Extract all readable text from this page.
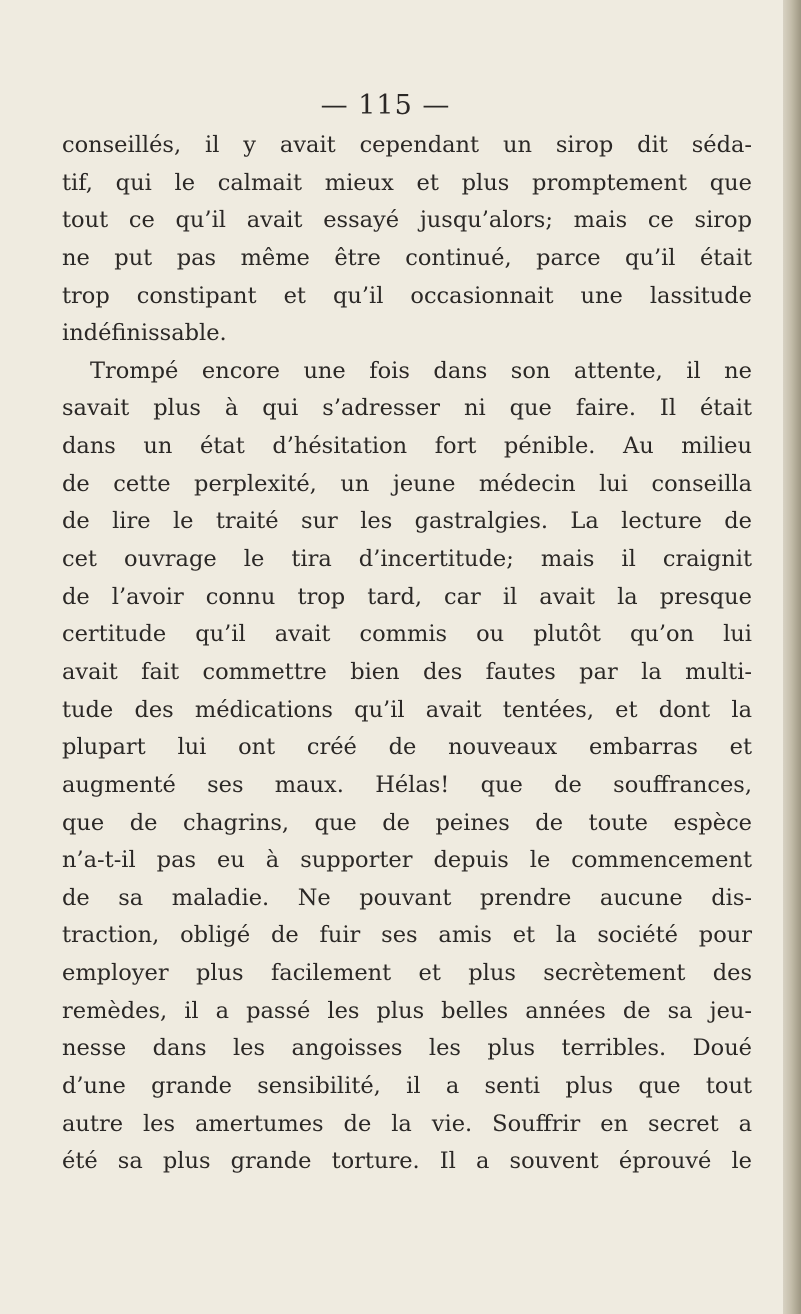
— 115 —
conseillés, il y avait cependant un sirop dit séda-
tif, qui le calmait mieux et plus promptement que
tout ce qu’il avait essayé jusqu’alors; mais ce sirop
ne put pas même être continué, parce qu’il était
trop constipant et qu’il occasionnait une lassitude
indéfinissable.
Trompé encore une fois dans son attente, il ne
savait plus à qui s’adresser ni que faire. Il était
dans un état d’hésitation fort pénible. Au milieu
de cette perplexité, un jeune médecin lui conseilla
de lire le traité sur les gastralgies. La lecture de
cet ouvrage le tira d’incertitude; mais il craignit
de l’avoir connu trop tard, car il avait la presque
certitude qu’il avait commis ou plutôt qu’on lui
avait fait commettre bien des fautes par la multi-
tude des médications qu’il avait tentées, et dont la
plupart lui ont créé de nouveaux embarras et
augmenté ses maux. Hélas! que de souffrances,
que de chagrins, que de peines de toute espèce
n’a-t-il pas eu à supporter depuis le commencement
de sa maladie. Ne pouvant prendre aucune dis-
traction, obligé de fuir ses amis et la société pour
employer plus facilement et plus secrètement des
remèdes, il a passé les plus belles années de sa jeu-
nesse dans les angoisses les plus terribles. Doué
d’une grande sensibilité, il a senti plus que tout
autre les amertumes de la vie. Souffrir en secret a
été sa plus grande torture. Il a souvent éprouvé le
